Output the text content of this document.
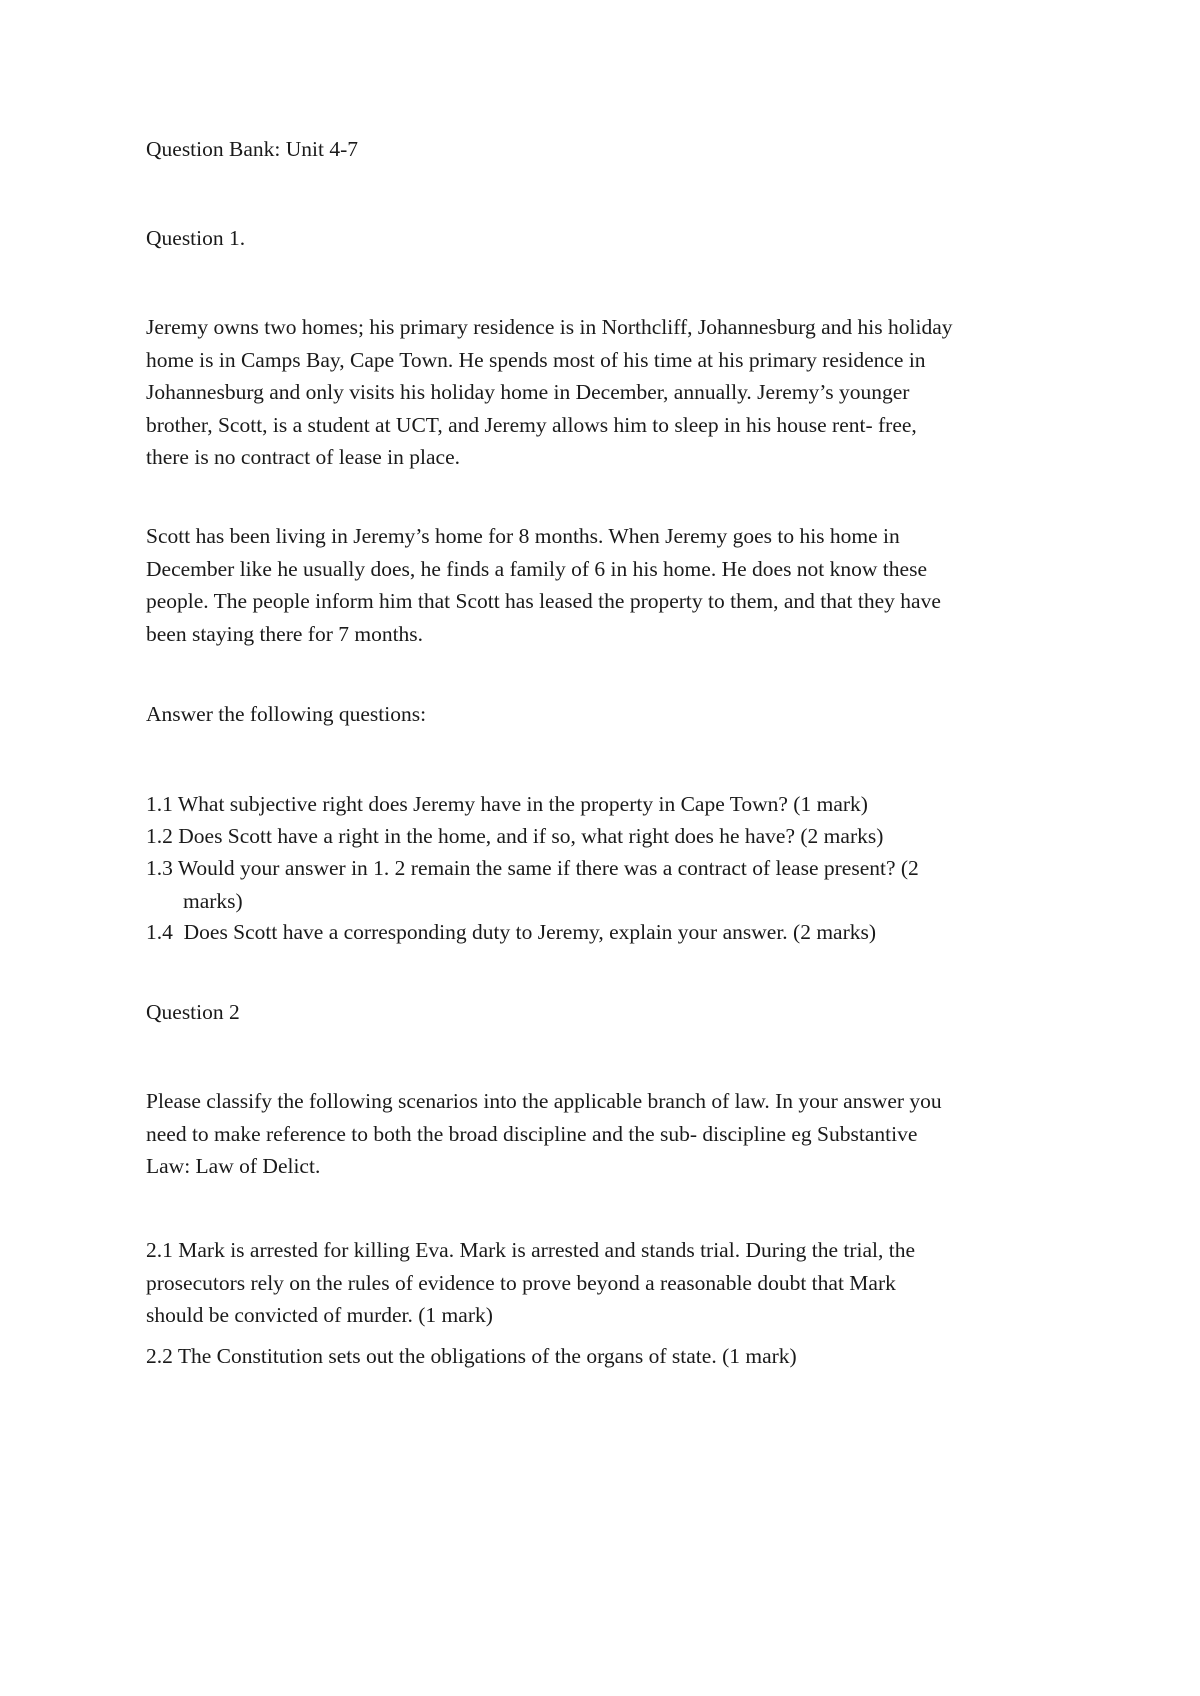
Question Bank: Unit 4-7
Question 1.
Jeremy owns two homes; his primary residence is in Northcliff, Johannesburg and his holiday
home is in Camps Bay, Cape Town. He spends most of his time at his primary residence in
Johannesburg and only visits his holiday home in December, annually. Jeremy’s younger
brother, Scott, is a student at UCT, and Jeremy allows him to sleep in his house rent- free,
there is no contract of lease in place.
Scott has been living in Jeremy’s home for 8 months. When Jeremy goes to his home in
December like he usually does, he finds a family of 6 in his home. He does not know these
people. The people inform him that Scott has leased the property to them, and that they have
been staying there for 7 months.
Answer the following questions:
1.1 What subjective right does Jeremy have in the property in Cape Town? (1 mark)
1.2 Does Scott have a right in the home, and if so, what right does he have? (2 marks)
1.3 Would your answer in 1. 2 remain the same if there was a contract of lease present? (2
marks)
1.4  Does Scott have a corresponding duty to Jeremy, explain your answer. (2 marks)
Question 2
Please classify the following scenarios into the applicable branch of law. In your answer you
need to make reference to both the broad discipline and the sub- discipline eg Substantive
Law: Law of Delict.
2.1 Mark is arrested for killing Eva. Mark is arrested and stands trial. During the trial, the
prosecutors rely on the rules of evidence to prove beyond a reasonable doubt that Mark
should be convicted of murder. (1 mark)
2.2 The Constitution sets out the obligations of the organs of state. (1 mark)
